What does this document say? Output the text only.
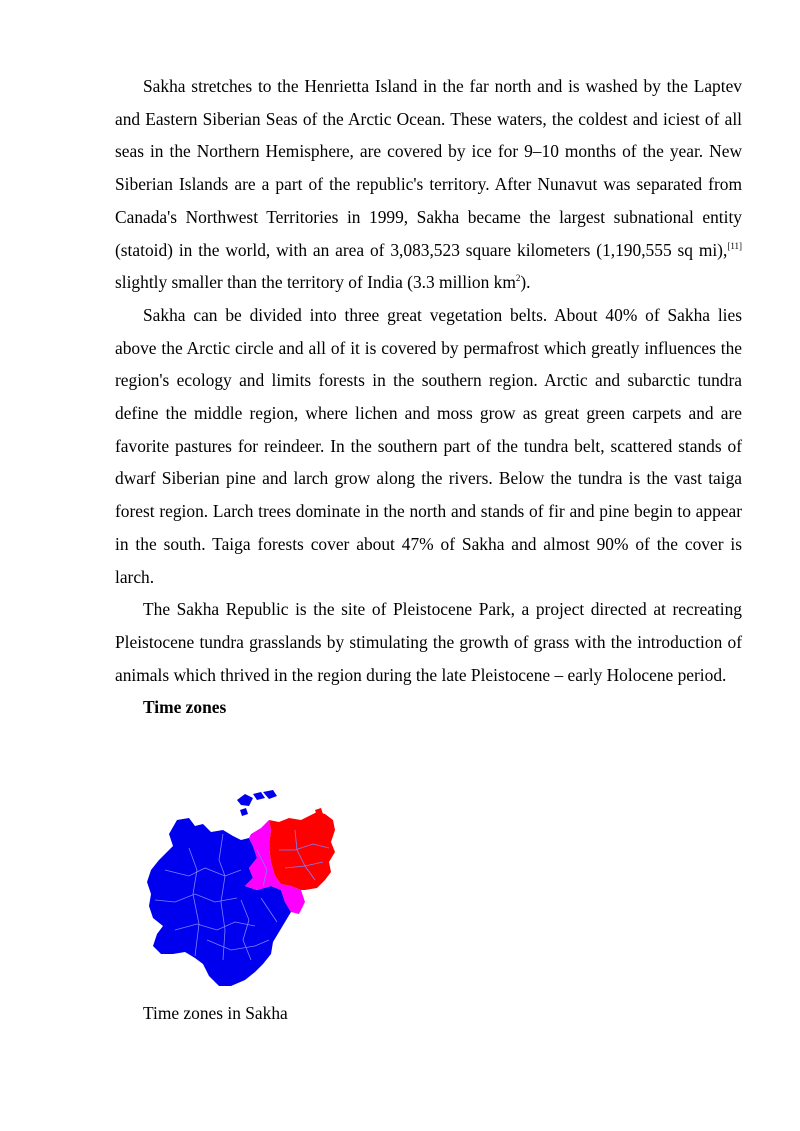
Sakha stretches to the Henrietta Island in the far north and is washed by the Laptev and Eastern Siberian Seas of the Arctic Ocean. These waters, the coldest and iciest of all seas in the Northern Hemisphere, are covered by ice for 9–10 months of the year. New Siberian Islands are a part of the republic's territory. After Nunavut was separated from Canada's Northwest Territories in 1999, Sakha became the largest subnational entity (statoid) in the world, with an area of 3,083,523 square kilometers (1,190,555 sq mi),[11] slightly smaller than the territory of India (3.3 million $km^2$).

Sakha can be divided into three great vegetation belts. About 40% of Sakha lies above the Arctic circle and all of it is covered by permafrost which greatly influences the region's ecology and limits forests in the southern region. Arctic and subarctic tundra define the middle region, where lichen and moss grow as great green carpets and are favorite pastures for reindeer. In the southern part of the tundra belt, scattered stands of dwarf Siberian pine and larch grow along the rivers. Below the tundra is the vast taiga forest region. Larch trees dominate in the north and stands of fir and pine begin to appear in the south. Taiga forests cover about 47% of Sakha and almost 90% of the cover is larch.

The Sakha Republic is the site of Pleistocene Park, a project directed at recreating Pleistocene tundra grasslands by stimulating the growth of grass with the introduction of animals which thrived in the region during the late Pleistocene – early Holocene period.

Time zones

Time zones in Sakha
